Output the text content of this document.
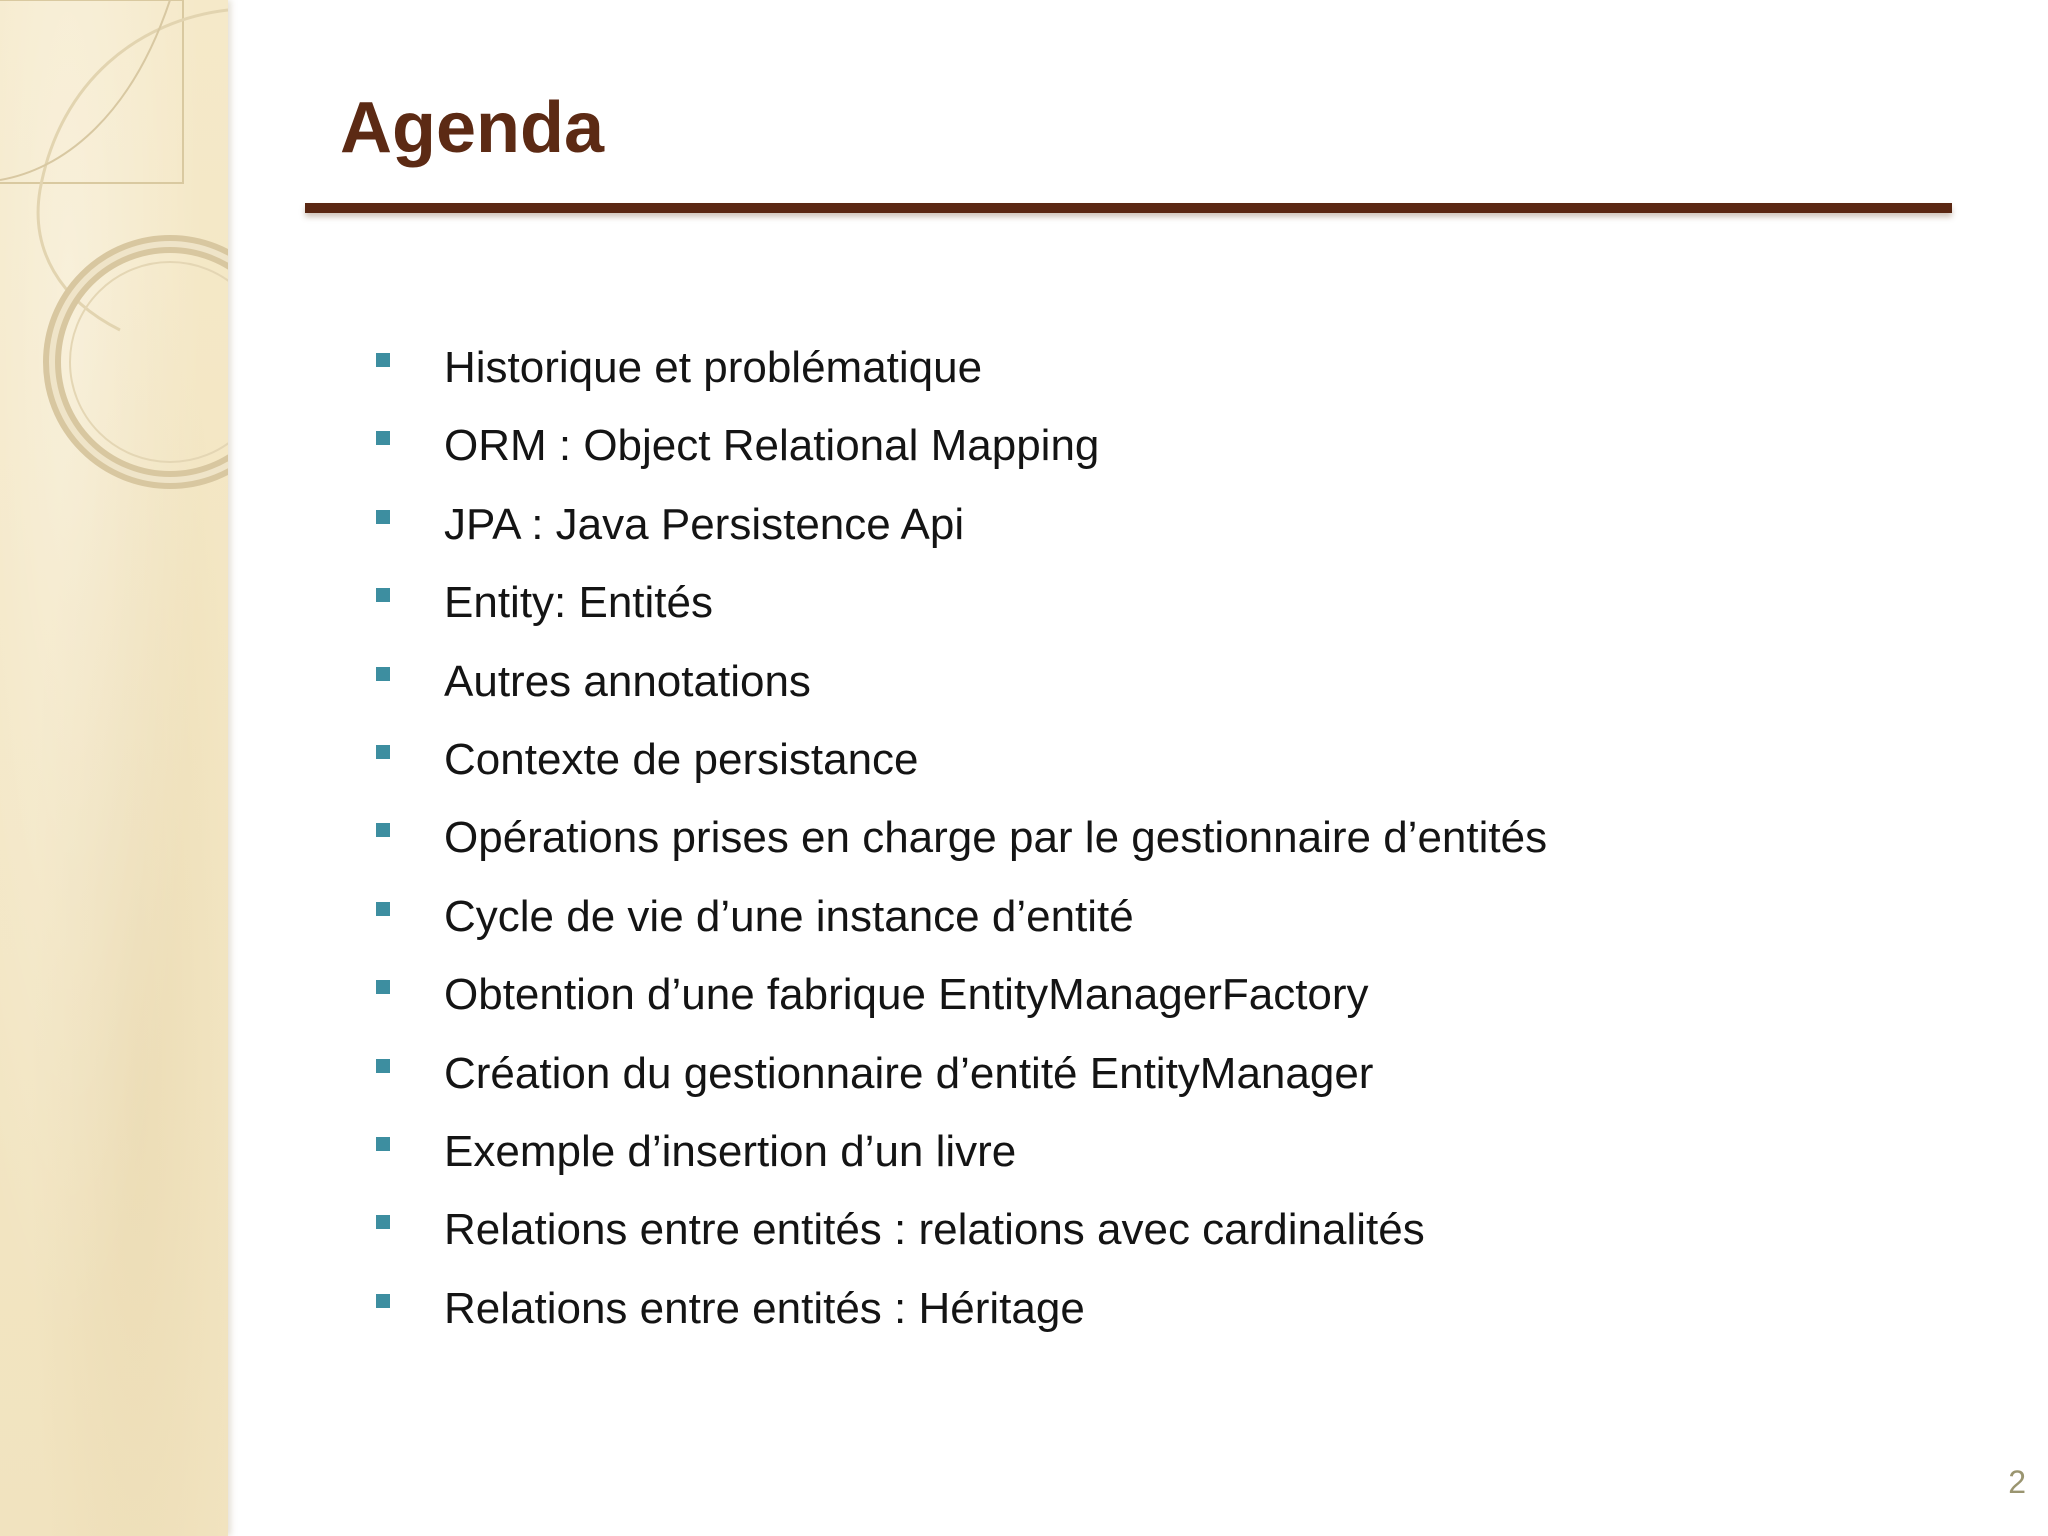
Agenda
Historique et problématique
ORM : Object Relational Mapping
JPA : Java Persistence Api
Entity: Entités
Autres annotations
Contexte de persistance
Opérations prises en charge par le gestionnaire d’entités
Cycle de vie d’une instance d’entité
Obtention d’une fabrique EntityManagerFactory
Création du gestionnaire d’entité EntityManager
Exemple d’insertion d’un livre
Relations entre entités : relations avec cardinalités
Relations entre entités : Héritage
2
